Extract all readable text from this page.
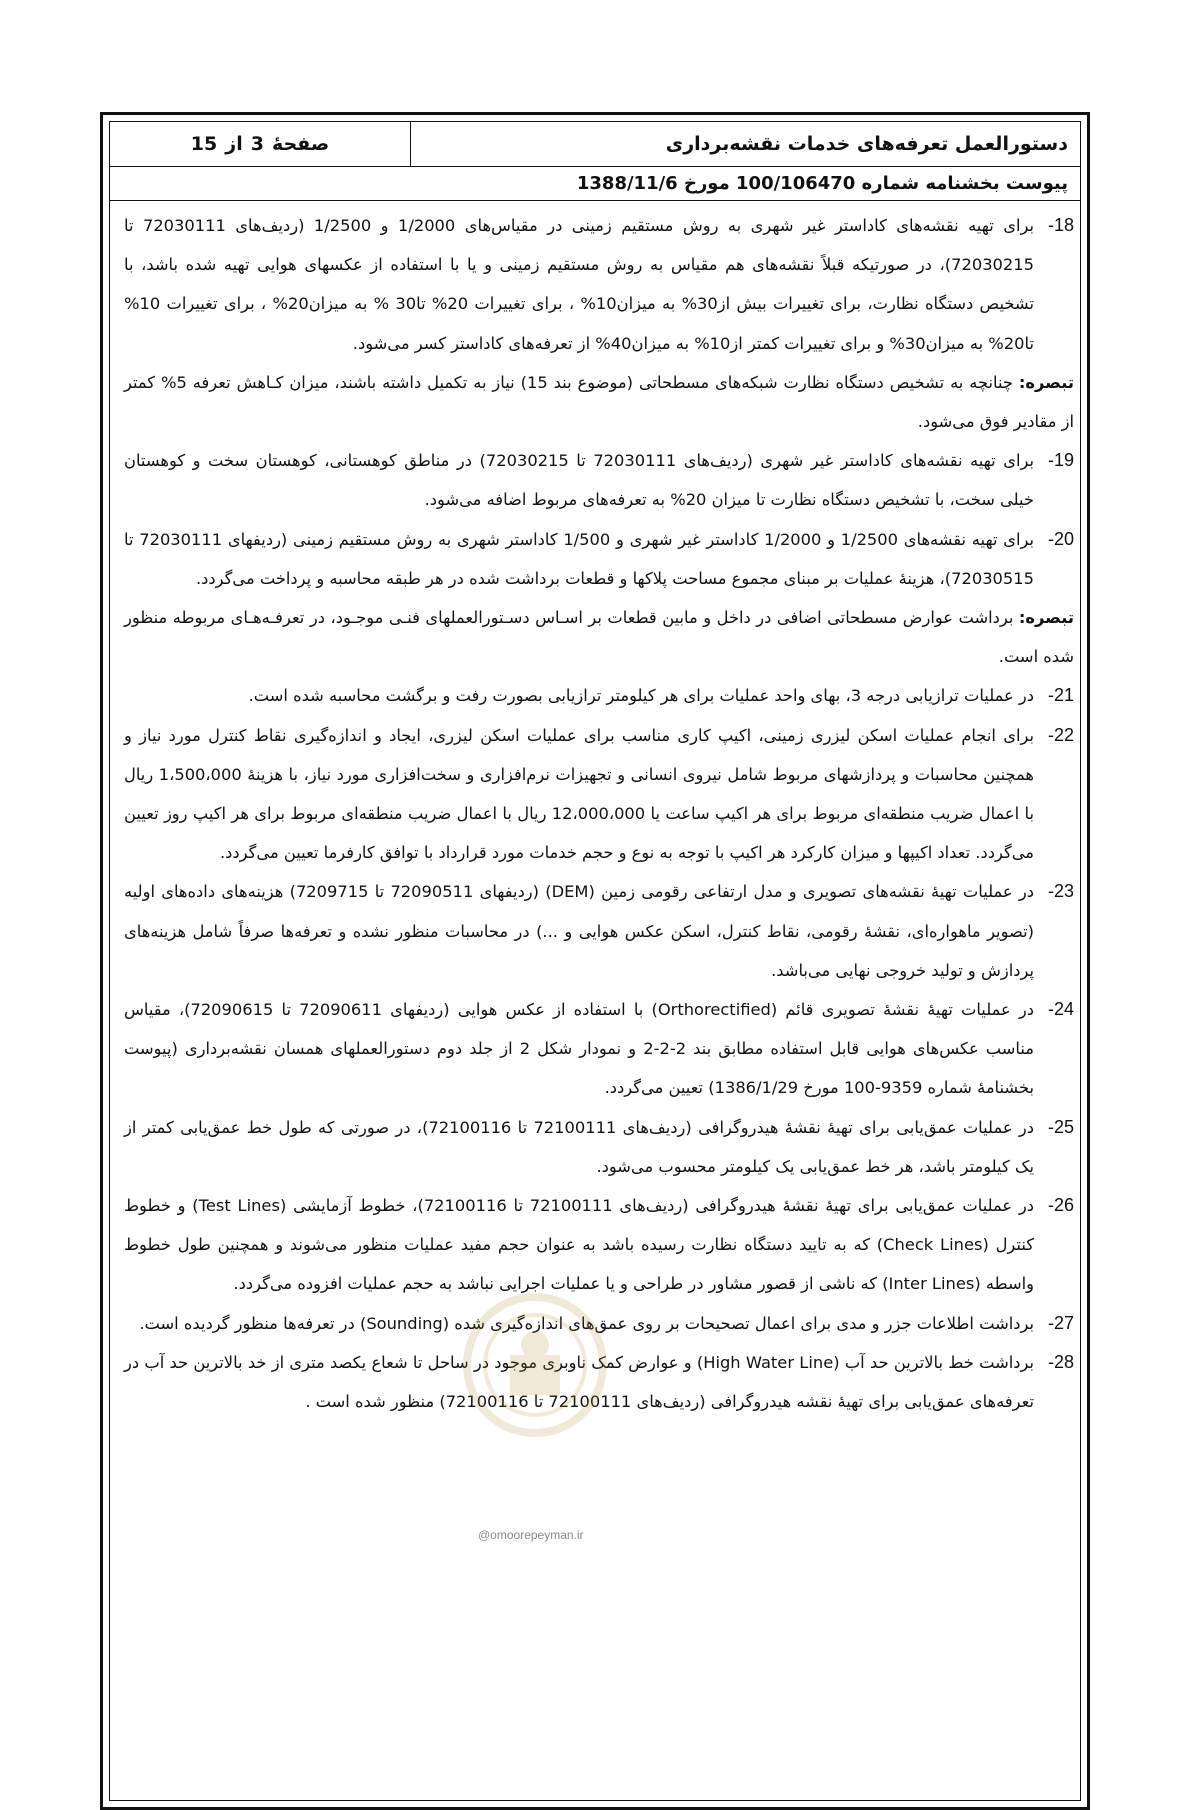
دستورالعمل تعرفه‌های خدمات نقشه‌برداری
صفحهٔ
3
از
15
پیوست بخشنامه شماره 100/106470 مورخ 1388/11/6
18-
برای تهیه نقشه‌های کاداستر غیر شهری به روش مستقیم زمینی در مقیاس‌های 1/2000 و 1/2500 (ردیف‌های 72030111 تا 72030215)، در صورتیکه قبلاً نقشه‌های هم مقیاس به روش مستقیم زمینی و یا با استفاده از عکسهای هوایی تهیه شده باشد، با تشخیص دستگاه نظارت، برای تغییرات بیش از30% به میزان10% ، برای تغییرات 20% تا30 % به میزان20% ، برای تغییرات 10% تا20% به میزان30% و برای تغییرات کمتر از10% به میزان40% از تعرفه‌های کاداستر کسر می‌شود.
تبصره: چنانچه به تشخیص دستگاه نظارت شبکه‌های مسطحاتی (موضوع بند 15) نیاز به تکمیل داشته باشند، میزان کـاهش تعرفه 5% کمتر از مقادیر فوق می‌شود.
19-
برای تهیه نقشه‌های کاداستر غیر شهری (ردیف‌های 72030111 تا 72030215) در مناطق کوهستانی، کوهستان سخت و کوهستان خیلی سخت، با تشخیص دستگاه نظارت تا میزان 20% به تعرفه‌های مربوط اضافه می‌شود.
20-
برای تهیه نقشه‌های 1/2500 و 1/2000 کاداستر غیر شهری و 1/500 کاداستر شهری به روش مستقیم زمینی (ردیفهای 72030111 تا 72030515)، هزینهٔ عملیات بر مبنای مجموع مساحت پلاکها و قطعات برداشت شده در هر طبقه محاسبه و پرداخت می‌گردد.
تبصره: برداشت عوارض مسطحاتی اضافی در داخل و مابین قطعات بر اسـاس دسـتورالعملهای فنـی موجـود، در تعرفـه‌هـای مربوطه منظور شده است.
21-
در عملیات ترازیابی درجه 3، بهای واحد عملیات برای هر کیلومتر ترازیابی بصورت رفت و برگشت محاسبه شده است.
22-
برای انجام عملیات اسکن لیزری زمینی، اکیپ کاری مناسب برای عملیات اسکن لیزری، ایجاد و اندازه‌گیری نقاط کنترل مورد نیاز و همچنین محاسبات و پردازشهای مربوط شامل نیروی انسانی و تجهیزات نرم‌افزاری و سخت‌افزاری مورد نیاز، با هزینهٔ 1،500،000 ریال با اعمال ضریب منطقه‌ای مربوط برای هر اکیپ ساعت یا 12،000،000 ریال با اعمال ضریب منطقه‌ای مربوط برای هر اکیپ روز تعیین می‌گردد. تعداد اکیپها و میزان کارکرد هر اکیپ با توجه به نوع و حجم خدمات مورد قرارداد با توافق کارفرما تعیین می‌گردد.
23-
در عملیات تهیهٔ نقشه‌های تصویری و مدل ارتفاعی رقومی زمین (DEM) (ردیفهای 72090511 تا 7209715) هزینه‌های داده‌های اولیه (تصویر ماهواره‌ای، نقشهٔ رقومی، نقاط کنترل، اسکن عکس هوایی و ...) در محاسبات منظور نشده و تعرفه‌ها صرفاً شامل هزینه‌های پردازش و تولید خروجی نهایی می‌باشد.
24-
در عملیات تهیهٔ نقشهٔ تصویری قائم (Orthorectified) با استفاده از عکس هوایی (ردیفهای 72090611 تا 72090615)، مقیاس مناسب عکس‌های هوایی قابل استفاده مطابق بند 2-2-2 و نمودار شکل 2 از جلد دوم دستورالعملهای همسان نقشه‌برداری (پیوست بخشنامهٔ شماره 9359-100 مورخ 1386/1/29) تعیین می‌گردد.
25-
در عملیات عمق‌یابی برای تهیهٔ نقشهٔ هیدروگرافی (ردیف‌های 72100111 تا 72100116)، در صورتی که طول خط عمق‌یابی کمتر از یک کیلومتر باشد، هر خط عمق‌یابی یک کیلومتر محسوب می‌شود.
26-
در عملیات عمق‌یابی برای تهیهٔ نقشهٔ هیدروگرافی (ردیف‌های 72100111 تا 72100116)، خطوط آزمایشی (Test Lines) و خطوط کنترل (Check Lines) که به تایید دستگاه نظارت رسیده باشد به عنوان حجم مفید عملیات منظور می‌شوند و همچنین طول خطوط واسطه (Inter Lines) که ناشی از قصور مشاور در طراحی و یا عملیات اجرایی نباشد به حجم عملیات افزوده می‌گردد.
27-
برداشت اطلاعات جزر و مدی برای اعمال تصحیحات بر روی عمق‌های اندازه‌گیری شده (Sounding) در تعرفه‌ها منظور گردیده است.
28-
برداشت خط بالاترین حد آب (High Water Line) و عوارض کمک ناوبری موجود در ساحل تا شعاع یکصد متری از خد بالاترین حد آب در تعرفه‌های عمق‌یابی برای تهیهٔ نقشه هیدروگرافی (ردیف‌های 72100111 تا 72100116) منظور شده است .
@omoorepeyman.ir
